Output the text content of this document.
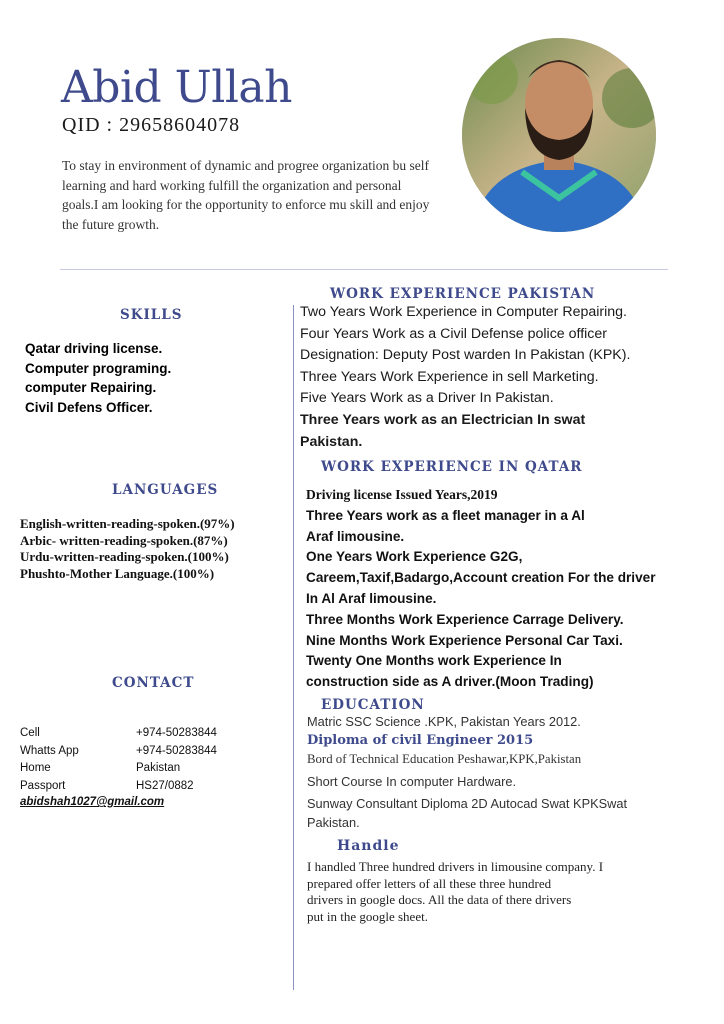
Abid Ullah
QID : 29658604078
To stay in environment of dynamic and progree organization bu self learning and hard working fulfill the organization and personal goals.I am looking for the opportunity to enforce mu skill and enjoy the future growth.
SKILLS
Qatar driving license.
Computer programing.
computer Repairing.
Civil Defens Officer.
LANGUAGES
English-written-reading-spoken.(97%)
Arbic- written-reading-spoken.(87%)
Urdu-written-reading-spoken.(100%)
Phushto-Mother Language.(100%)
CONTACT
Cell	+974-50283844
Whatts App	+974-50283844
Home	Pakistan
Passport	HS27/0882
abidshah1027@gmail.com
WORK EXPERIENCE PAKISTAN
Two Years Work Experience in Computer Repairing.
Four Years Work as a Civil Defense police officer
Designation: Deputy Post warden In Pakistan (KPK).
Three Years Work Experience in sell Marketing.
Five Years Work as a Driver In Pakistan.
Three Years work as an Electrician In swat
Pakistan.
WORK EXPERIENCE IN QATAR
Driving license Issued Years,2019
Three Years work as a fleet manager in a Al
Araf limousine.
One Years Work Experience G2G,
Careem,Taxif,Badargo,Account creation For the driver
In Al Araf limousine.
Three Months Work Experience Carrage Delivery.
Nine Months Work Experience Personal Car Taxi.
Twenty One Months work Experience In
construction side as A driver.(Moon Trading)
EDUCATION
Matric SSC Science .KPK, Pakistan Years 2012.
Diploma of civil Engineer 2015
Bord of Technical Education Peshawar,KPK,Pakistan
Short Course In computer Hardware.
Sunway Consultant Diploma 2D Autocad Swat KPKSwat
Pakistan.
Handle
I handled Three hundred drivers in limousine company. I
prepared offer letters of all these three hundred
drivers in google docs. All the data of there drivers
put in the google sheet.
